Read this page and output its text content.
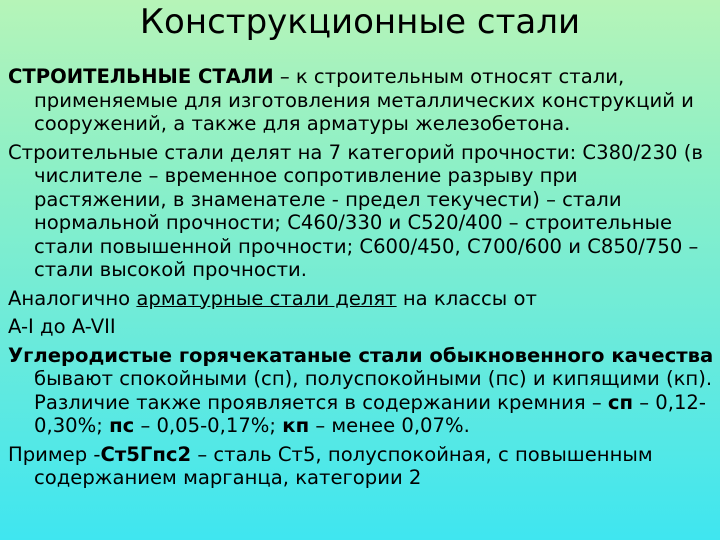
Конструкционные стали
СТРОИТЕЛЬНЫЕ СТАЛИ – к строительным относят стали, применяемые для изготовления металлических конструкций и сооружений, а также для арматуры железобетона.
Строительные стали делят на 7 категорий прочности: С380/230 (в числителе – временное сопротивление разрыву при растяжении, в знаменателе - предел текучести) – стали нормальной прочности; С460/330 и С520/400 – строительные стали повышенной прочности; С600/450, С700/600 и С850/750 – стали высокой прочности.
Аналогично арматурные стали делят на классы от
A-I до A-VII
Углеродистые горячекатаные стали обыкновенного качества бывают спокойными (сп), полуспокойными (пс) и кипящими (кп). Различие также проявляется в содержании кремния – сп – 0,12-0,30%; пс – 0,05-0,17%; кп – менее 0,07%.
Пример -Ст5Гпс2 – сталь Ст5, полуспокойная, с повышенным содержанием марганца, категории 2
